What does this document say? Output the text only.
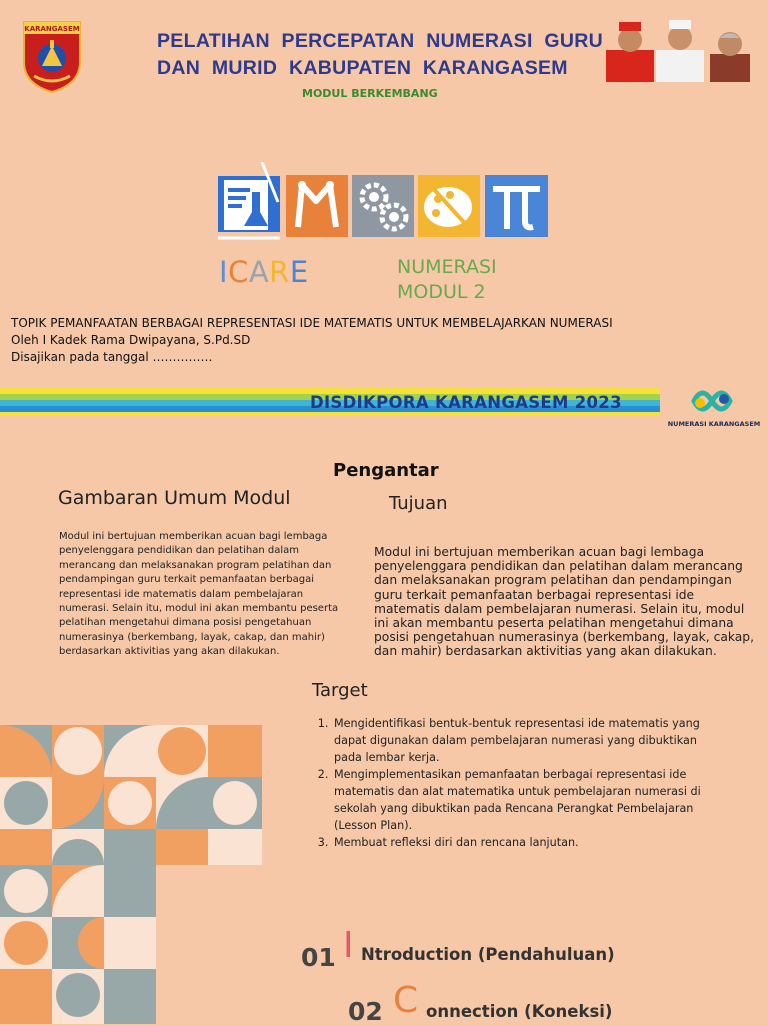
KARANGASEM
PELATIHAN PERCEPATAN NUMERASI GURU
DAN MURID KABUPATEN KARANGASEM
MODUL BERKEMBANG
ICARE	NUMERASI
MODUL 2
TOPIK PEMANFAATAN BERBAGAI REPRESENTASI IDE MATEMATIS UNTUK MEMBELAJARKAN NUMERASI
Oleh I Kadek Rama Dwipayana, S.Pd.SD
Disajikan pada tanggal ……………
DISDIKPORA KARANGASEM 2023
NUMERASI KARANGASEM
Pengantar
Gambaran Umum Modul	Tujuan
Modul ini bertujuan memberikan acuan bagi lembaga penyelenggara pendidikan dan pelatihan dalam merancang dan melaksanakan program pelatihan dan pendampingan guru terkait pemanfaatan berbagai representasi ide matematis dalam pembelajaran numerasi. Selain itu, modul ini akan membantu peserta pelatihan mengetahui dimana posisi pengetahuan numerasinya (berkembang, layak, cakap, dan mahir) berdasarkan aktivitias yang akan dilakukan.
Modul ini bertujuan memberikan acuan bagi lembaga penyelenggara pendidikan dan pelatihan dalam merancang dan melaksanakan program pelatihan dan pendampingan guru terkait pemanfaatan berbagai representasi ide matematis dalam pembelajaran numerasi. Selain itu, modul ini akan membantu peserta pelatihan mengetahui dimana posisi pengetahuan numerasinya (berkembang, layak, cakap, dan mahir) berdasarkan aktivitias yang akan dilakukan.
Target
1. Mengidentifikasi bentuk-bentuk representasi ide matematis yang dapat digunakan dalam pembelajaran numerasi yang dibuktikan pada lembar kerja.
2. Mengimplementasikan pemanfaatan berbagai representasi ide matematis dan alat matematika untuk pembelajaran numerasi di sekolah yang dibuktikan pada Rencana Perangkat Pembelajaran (Lesson Plan).
3. Membuat refleksi diri dan rencana lanjutan.
01 I Ntroduction (Pendahuluan)
02 C onnection (Koneksi)
